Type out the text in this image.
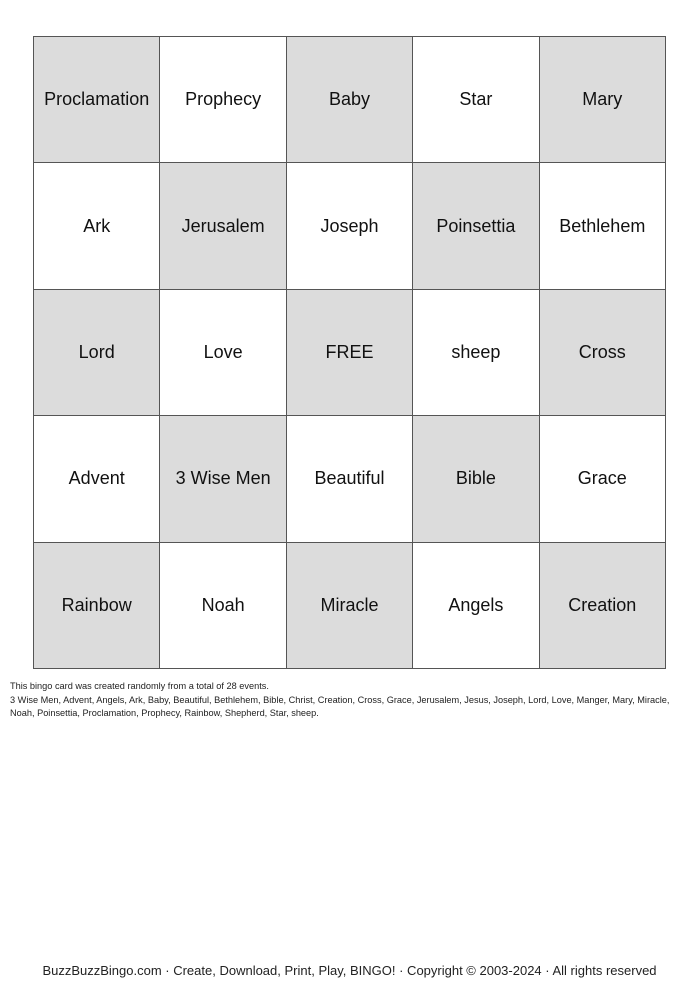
Proclamation	Prophecy	Baby	Star	Mary
Ark	Jerusalem	Joseph	Poinsettia	Bethlehem
Lord	Love	FREE	sheep	Cross
Advent	3 Wise Men	Beautiful	Bible	Grace
Rainbow	Noah	Miracle	Angels	Creation
This bingo card was created randomly from a total of 28 events.
3 Wise Men, Advent, Angels, Ark, Baby, Beautiful, Bethlehem, Bible, Christ, Creation, Cross, Grace, Jerusalem, Jesus, Joseph, Lord, Love, Manger, Mary, Miracle, Noah, Poinsettia, Proclamation, Prophecy, Rainbow, Shepherd, Star, sheep.
BuzzBuzzBingo.com · Create, Download, Print, Play, BINGO! · Copyright © 2003-2024 · All rights reserved
